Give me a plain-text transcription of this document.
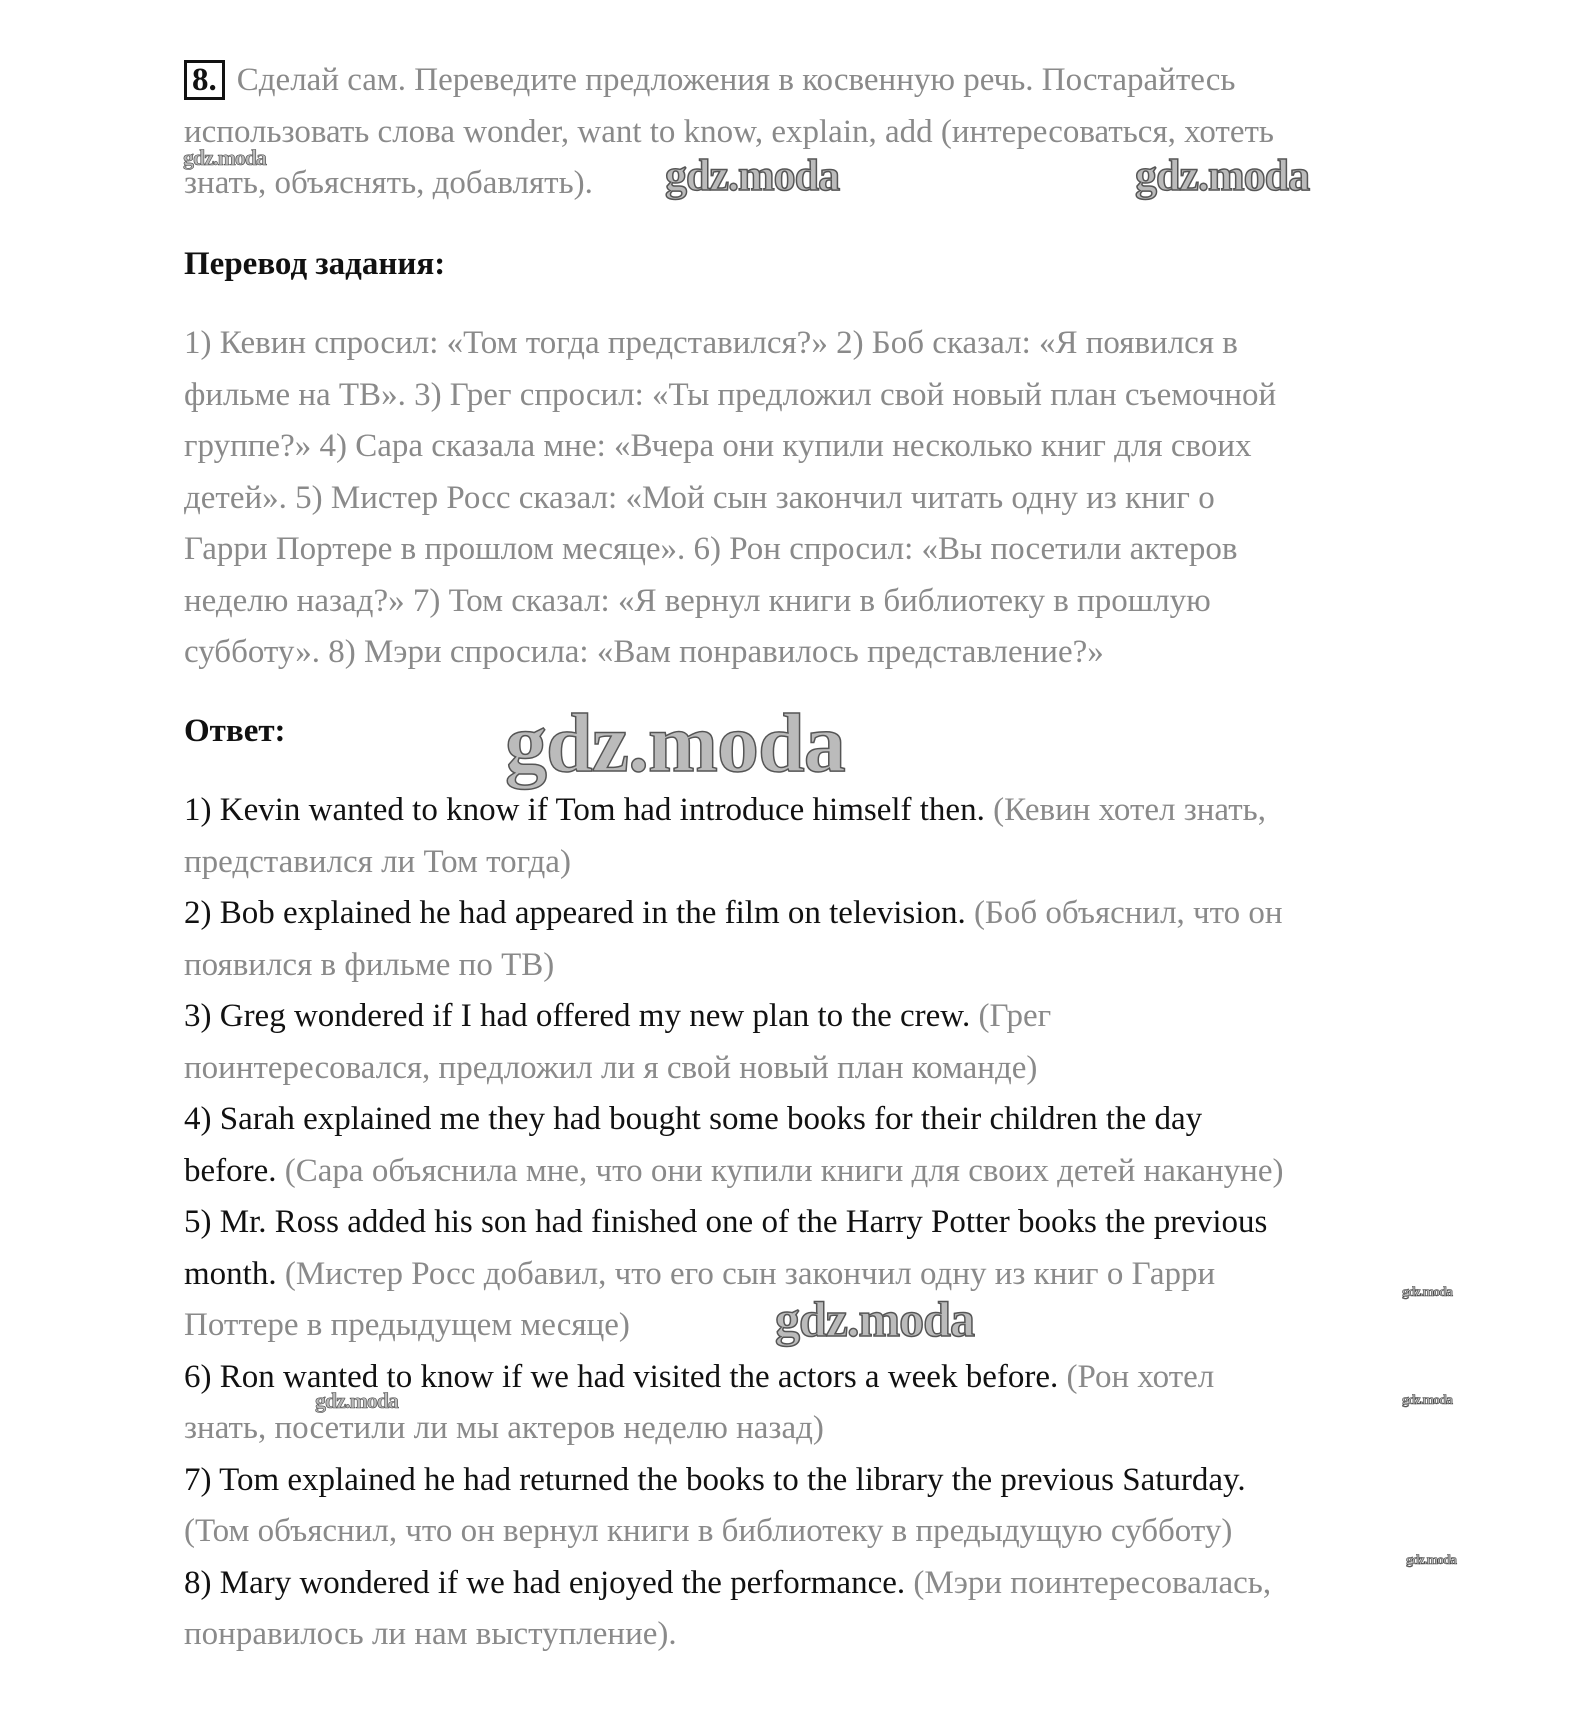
8. Сделай сам. Переведите предложения в косвенную речь. Постарайтесь
использовать слова wonder, want to know, explain, add (интересоваться, хотеть
знать, объяснять, добавлять).
Перевод задания:
1) Кевин спросил: «Том тогда представился?» 2) Боб сказал: «Я появился в
фильме на ТВ». 3) Грег спросил: «Ты предложил свой новый план съемочной
группе?» 4) Сара сказала мне: «Вчера они купили несколько книг для своих
детей». 5) Мистер Росс сказал: «Мой сын закончил читать одну из книг о
Гарри Портере в прошлом месяце». 6) Рон спросил: «Вы посетили актеров
неделю назад?» 7) Том сказал: «Я вернул книги в библиотеку в прошлую
субботу». 8) Мэри спросила: «Вам понравилось представление?»
Ответ:
1) Kevin wanted to know if Tom had introduce himself then. (Кевин хотел знать,
представился ли Том тогда)
2) Bob explained he had appeared in the film on television. (Боб объяснил, что он
появился в фильме по ТВ)
3) Greg wondered if I had offered my new plan to the crew. (Грег
поинтересовался, предложил ли я свой новый план команде)
4) Sarah explained me they had bought some books for their children the day
before. (Сара объяснила мне, что они купили книги для своих детей накануне)
5) Mr. Ross added his son had finished one of the Harry Potter books the previous
month. (Мистер Росс добавил, что его сын закончил одну из книг о Гарри
Поттере в предыдущем месяце)
6) Ron wanted to know if we had visited the actors a week before. (Рон хотел
знать, посетили ли мы актеров неделю назад)
7) Tom explained he had returned the books to the library the previous Saturday.
(Том объяснил, что он вернул книги в библиотеку в предыдущую субботу)
8) Mary wondered if we had enjoyed the performance. (Мэри поинтересовалась,
понравилось ли нам выступление).
gdz.moda	gdz.moda	gdz.moda
gdz.moda
gdz.moda
gdz.moda
gdz.moda
gdz.moda
gdz.moda
